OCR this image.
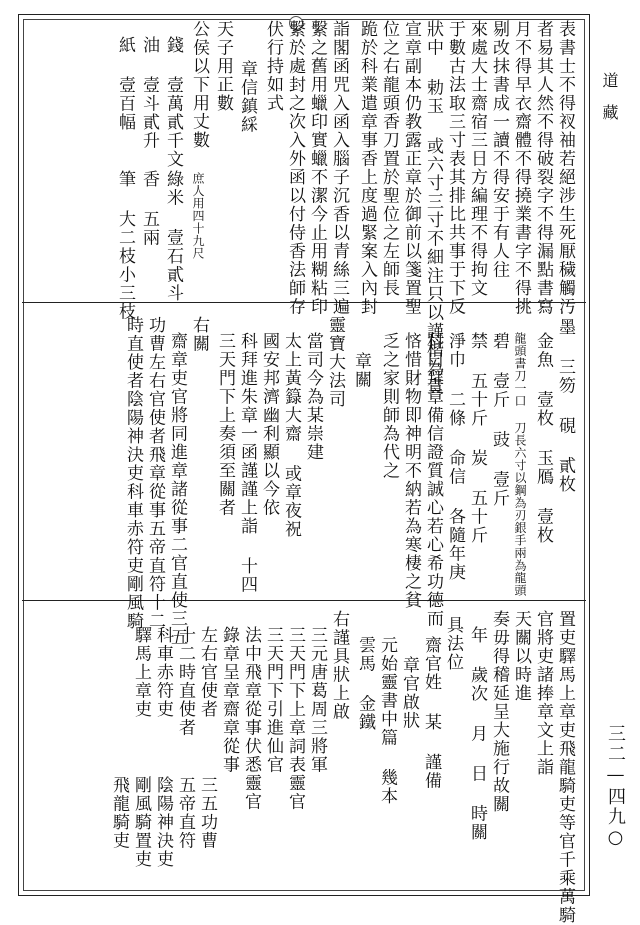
道藏
三二—四九○
表書士不得衩䄂若絕涉生死厭穢觸汚
者易其人然不得破裂字不得漏點書寫
月不得早衣齋體不得撓業書字不得挑
剔改抹書成一讀不得安于有人往
來處大士齋宿三日方編理不得拘文
于數古法取三寸表其排比共事于下反
狀中 勅玉 或六寸三寸不細注只以謹楷為貴
宣章副本仍教露正章於御前以箋置聖
位之右龍頭香刀置於聖位之左師長
跪於科業遣章事香上度過緊案入內封
詣閣函咒入函入腦子沉香以青絲三遍
繫之舊用蠟印實蠟不潔今止用糊粘印
繫於處封之次入外函以付侍香法師存
伏行持如式
章信鎮綵
天子用正數
公侯以下用丈數
錢 壹萬貳千文
油 壹斗貳升
紙 壹百幅
庶人用四十九尺
綠米 壹石貳斗
香 五兩
筆 大二枝小三枝
墨 三笏 硯 貳枚
金魚 壹枚 玉鴈 壹枚
龍頭書刀一口 刀長六寸以鋼為刃銀手兩為龍頭
碧 壹斤 豉 壹斤
禁 五十斤 炭 五十斤
淨巾 二條 命信 各隨年庚
科曰拜章備信證質誠心若心希功德而
悋惜財物即神明不納若為寒棲之貧
乏之家則師為代之
章關
靈寶大法司
當司今為某崇建
太上黃籙大齋 或章夜祝
國安邦濟幽利顯以今依
科拜進朱章一函謹謹上詣 十四
三天門下上奏須至關者
右關
齋章吏官將同進章諸從事二官直使三五
功曹左右官使者飛章從事五帝直符十二
時直使者陰陽神決吏科車赤符吏剛風騎
置吏驛馬上章吏飛龍騎吏等官千乘萬騎
官將吏諸捧章文上詣
天關以時進
奏毋得稽延呈大施行故關
年 歲次 月 日 時關
具法位
齋官姓 某 謹備
章官啟狀
元始靈書中篇 幾本
雲馬 金鐵
右謹具狀上啟
三元唐葛周三將軍
三天門下上章詞表靈官
三天門下引進仙官
法中飛章從事伏悉靈官
錄章呈章齋章從事
左右官使者
十二時直使者
科車赤符吏
驛馬上章吏
三五功曹
五帝直符
陰陽神決吏
剛風騎置吏
飛龍騎吏
